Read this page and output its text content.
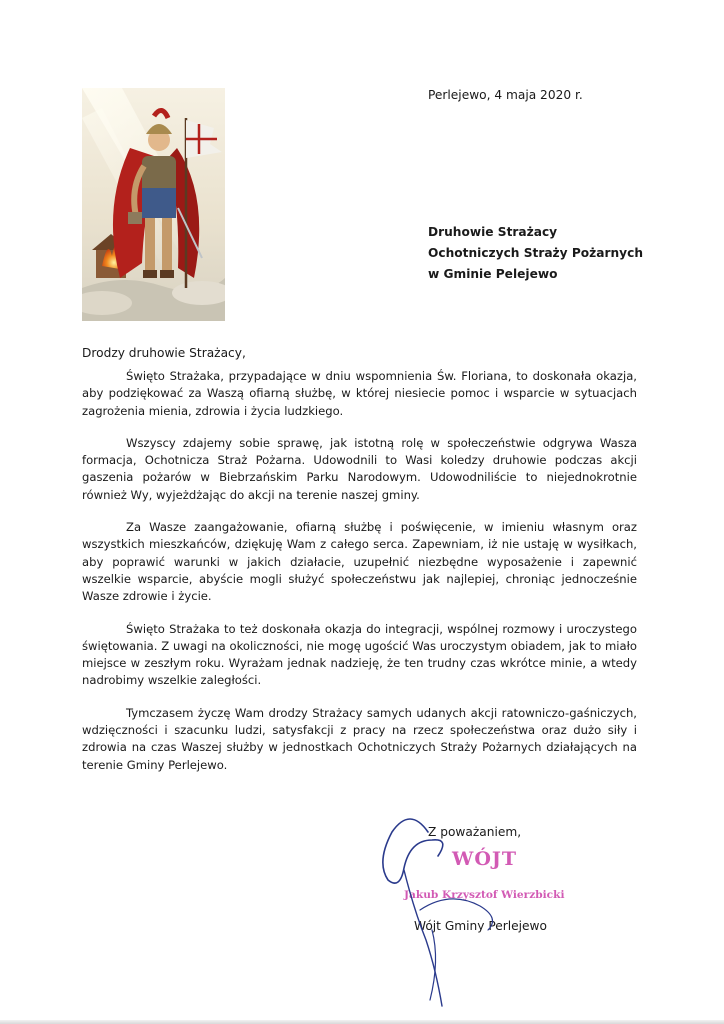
Perlejewo, 4 maja 2020 r.
Druhowie Strażacy
Ochotniczych Straży Pożarnych
w Gminie Pelejewo
Drodzy druhowie Strażacy,

Święto Strażaka, przypadające w dniu wspomnienia Św. Floriana, to doskonała okazja, aby podziękować za Waszą ofiarną służbę, w której niesiecie pomoc i wsparcie w sytuacjach zagrożenia mienia, zdrowia i życia ludzkiego.

Wszyscy zdajemy sobie sprawę, jak istotną rolę w społeczeństwie odgrywa Wasza formacja, Ochotnicza Straż Pożarna. Udowodnili to Wasi koledzy druhowie podczas akcji gaszenia pożarów w Biebrzańskim Parku Narodowym. Udowodniliście to niejednokrotnie również Wy, wyjeżdżając do akcji na terenie naszej gminy.

Za Wasze zaangażowanie, ofiarną służbę i poświęcenie, w imieniu własnym oraz wszystkich mieszkańców, dziękuję Wam z całego serca. Zapewniam, iż nie ustaję w wysiłkach, aby poprawić warunki w jakich działacie, uzupełnić niezbędne wyposażenie i zapewnić wszelkie wsparcie, abyście mogli służyć społeczeństwu jak najlepiej, chroniąc jednocześnie Wasze zdrowie i życie.

Święto Strażaka to też doskonała okazja do integracji, wspólnej rozmowy i uroczystego świętowania. Z uwagi na okoliczności, nie mogę ugościć Was uroczystym obiadem, jak to miało miejsce w zeszłym roku. Wyrażam jednak nadzieję, że ten trudny czas wkrótce minie, a wtedy nadrobimy wszelkie zaległości.

Tymczasem życzę Wam drodzy Strażacy samych udanych akcji ratowniczo-gaśniczych, wdzięczności i szacunku ludzi, satysfakcji z pracy na rzecz społeczeństwa oraz dużo siły i zdrowia na czas Waszej służby w jednostkach Ochotniczych Straży Pożarnych działających na terenie Gminy Perlejewo.

Z poważaniem,
WÓJT
Jakub Krzysztof Wierzbicki
Wójt Gminy Perlejewo
